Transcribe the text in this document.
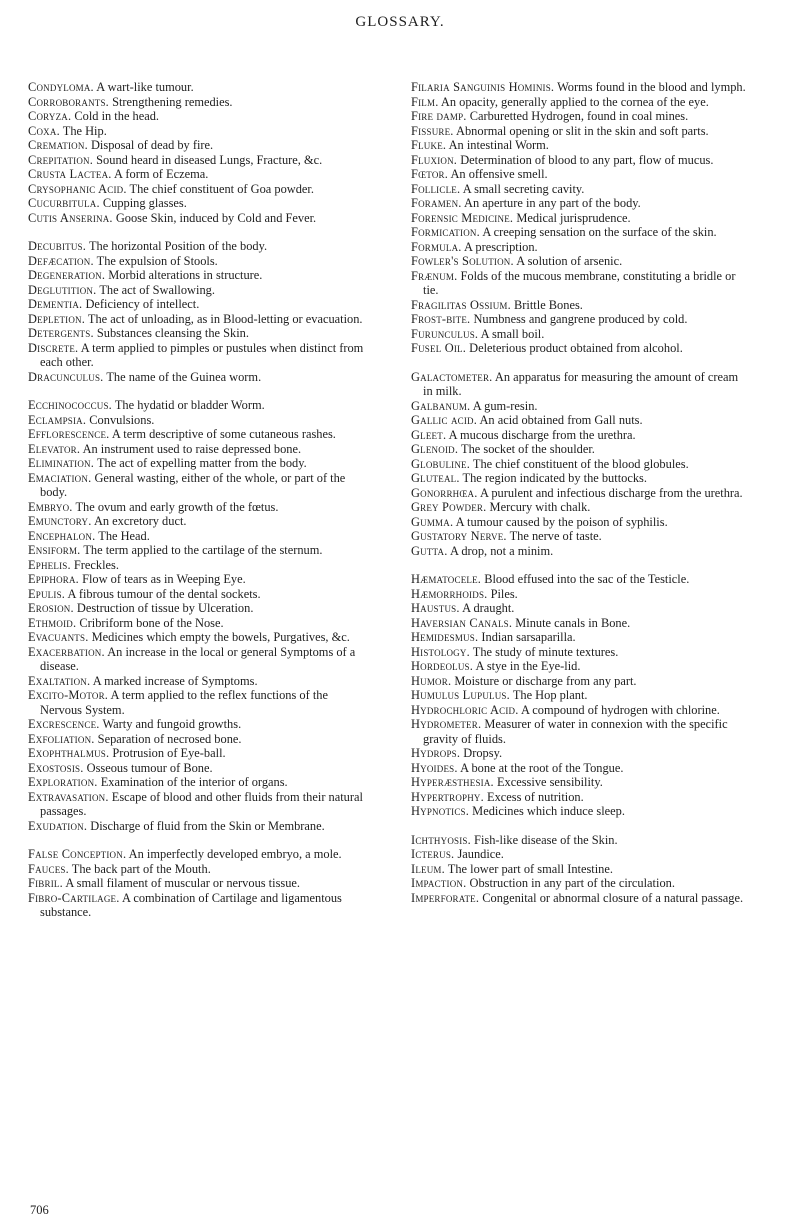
GLOSSARY.

Condyloma. A wart-like tumour.

Corroborants. Strengthening remedies.

Coryza. Cold in the head.

Coxa. The Hip.

Cremation. Disposal of dead by fire.

Crepitation. Sound heard in diseased Lungs, Fracture, &c.

Crusta Lactea. A form of Eczema.

Crysophanic Acid. The chief constituent of Goa powder.

Cucurbitula. Cupping glasses.

Cutis Anserina. Goose Skin, induced by Cold and Fever.

Decubitus. The horizontal Position of the body.

Defæcation. The expulsion of Stools.

Degeneration. Morbid alterations in structure.

Deglutition. The act of Swallowing.

Dementia. Deficiency of intellect.

Depletion. The act of unloading, as in Blood-letting or evacuation.

Detergents. Substances cleansing the Skin.

Discrete. A term applied to pimples or pustules when distinct from each other.

Dracunculus. The name of the Guinea worm.

Ecchinococcus. The hydatid or bladder Worm.

Eclampsia. Convulsions.

Efflorescence. A term descriptive of some cutaneous rashes.

Elevator. An instrument used to raise depressed bone.

Elimination. The act of expelling matter from the body.

Emaciation. General wasting, either of the whole, or part of the body.

Embryo. The ovum and early growth of the fœtus.

Emunctory. An excretory duct.

Encephalon. The Head.

Ensiform. The term applied to the cartilage of the sternum.

Ephelis. Freckles.

Epiphora. Flow of tears as in Weeping Eye.

Epulis. A fibrous tumour of the dental sockets.

Erosion. Destruction of tissue by Ulceration.

Ethmoid. Cribriform bone of the Nose.

Evacuants. Medicines which empty the bowels, Purgatives, &c.

Exacerbation. An increase in the local or general Symptoms of a disease.

Exaltation. A marked increase of Symptoms.

Excito-Motor. A term applied to the reflex functions of the Nervous System.

Excrescence. Warty and fungoid growths.

Exfoliation. Separation of necrosed bone.

Exophthalmus. Protrusion of Eye-ball.

Exostosis. Osseous tumour of Bone.

Exploration. Examination of the interior of organs.

Extravasation. Escape of blood and other fluids from their natural passages.

Exudation. Discharge of fluid from the Skin or Membrane.

False Conception. An imperfectly developed embryo, a mole.

Fauces. The back part of the Mouth.

Fibril. A small filament of muscular or nervous tissue.

Fibro-Cartilage. A combination of Cartilage and ligamentous substance.

Filaria Sanguinis Hominis. Worms found in the blood and lymph.

Film. An opacity, generally applied to the cornea of the eye.

Fire damp. Carburetted Hydrogen, found in coal mines.

Fissure. Abnormal opening or slit in the skin and soft parts.

Fluke. An intestinal Worm.

Fluxion. Determination of blood to any part, flow of mucus.

Fœtor. An offensive smell.

Follicle. A small secreting cavity.

Foramen. An aperture in any part of the body.

Forensic Medicine. Medical jurisprudence.

Formication. A creeping sensation on the surface of the skin.

Formula. A prescription.

Fowler's Solution. A solution of arsenic.

Frænum. Folds of the mucous membrane, constituting a bridle or tie.

Fragilitas Ossium. Brittle Bones.

Frost-bite. Numbness and gangrene produced by cold.

Furunculus. A small boil.

Fusel Oil. Deleterious product obtained from alcohol.

Galactometer. An apparatus for measuring the amount of cream in milk.

Galbanum. A gum-resin.

Gallic acid. An acid obtained from Gall nuts.

Gleet. A mucous discharge from the urethra.

Glenoid. The socket of the shoulder.

Globuline. The chief constituent of the blood globules.

Gluteal. The region indicated by the buttocks.

Gonorrhœa. A purulent and infectious discharge from the urethra.

Grey Powder. Mercury with chalk.

Gumma. A tumour caused by the poison of syphilis.

Gustatory Nerve. The nerve of taste.

Gutta. A drop, not a minim.

Hæmatocele. Blood effused into the sac of the Testicle.

Hæmorrhoids. Piles.

Haustus. A draught.

Haversian Canals. Minute canals in Bone.

Hemidesmus. Indian sarsaparilla.

Histology. The study of minute textures.

Hordeolus. A stye in the Eye-lid.

Humor. Moisture or discharge from any part.

Humulus Lupulus. The Hop plant.

Hydrochloric Acid. A compound of hydrogen with chlorine.

Hydrometer. Measurer of water in connexion with the specific gravity of fluids.

Hydrops. Dropsy.

Hyoides. A bone at the root of the Tongue.

Hyperæsthesia. Excessive sensibility.

Hypertrophy. Excess of nutrition.

Hypnotics. Medicines which induce sleep.

Ichthyosis. Fish-like disease of the Skin.

Icterus. Jaundice.

Ileum. The lower part of small Intestine.

Impaction. Obstruction in any part of the circulation.

Imperforate. Congenital or abnormal closure of a natural passage.

706
